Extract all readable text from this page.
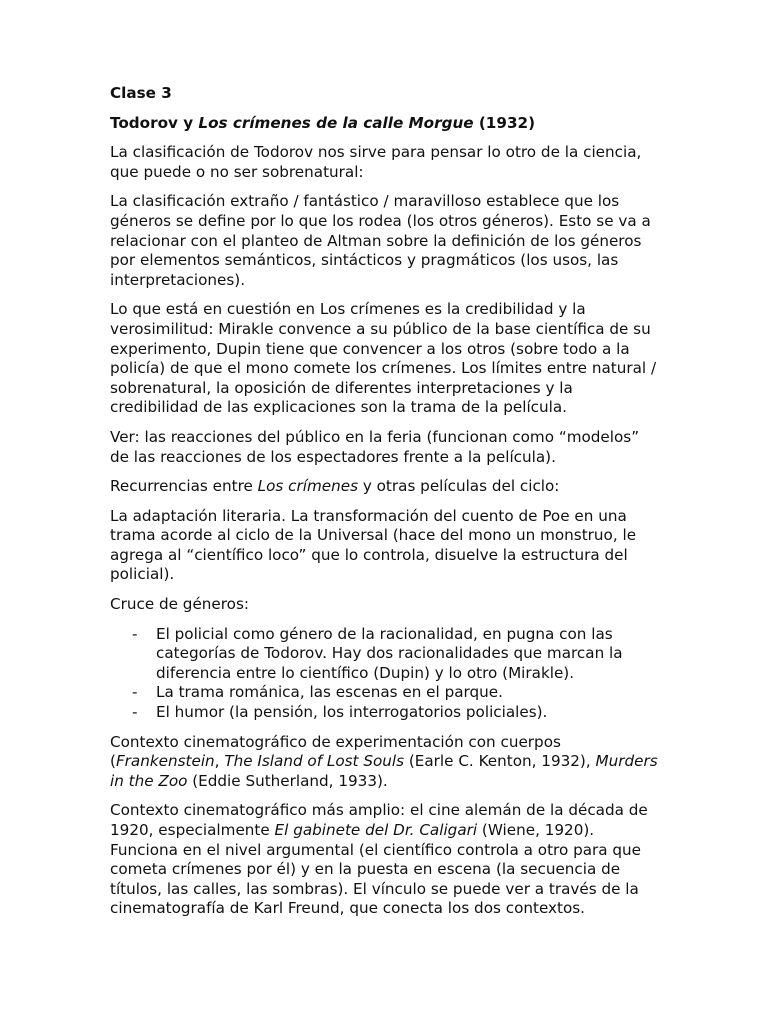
Clase 3

Todorov y Los crímenes de la calle Morgue (1932)

La clasificación de Todorov nos sirve para pensar lo otro de la ciencia, que puede o no ser sobrenatural:

La clasificación extraño / fantástico / maravilloso establece que los géneros se define por lo que los rodea (los otros géneros). Esto se va a relacionar con el planteo de Altman sobre la definición de los géneros por elementos semánticos, sintácticos y pragmáticos (los usos, las interpretaciones).

Lo que está en cuestión en Los crímenes es la credibilidad y la verosimilitud: Mirakle convence a su público de la base científica de su experimento, Dupin tiene que convencer a los otros (sobre todo a la policía) de que el mono comete los crímenes. Los límites entre natural / sobrenatural, la oposición de diferentes interpretaciones y la credibilidad de las explicaciones son la trama de la película.

Ver: las reacciones del público en la feria (funcionan como “modelos” de las reacciones de los espectadores frente a la película).

Recurrencias entre Los crímenes y otras películas del ciclo:

La adaptación literaria. La transformación del cuento de Poe en una trama acorde al ciclo de la Universal (hace del mono un monstruo, le agrega al “científico loco” que lo controla, disuelve la estructura del policial).

Cruce de géneros:

- El policial como género de la racionalidad, en pugna con las categorías de Todorov. Hay dos racionalidades que marcan la diferencia entre lo científico (Dupin) y lo otro (Mirakle).
- La trama románica, las escenas en el parque.
- El humor (la pensión, los interrogatorios policiales).

Contexto cinematográfico de experimentación con cuerpos (Frankenstein, The Island of Lost Souls (Earle C. Kenton, 1932), Murders in the Zoo (Eddie Sutherland, 1933).

Contexto cinematográfico más amplio: el cine alemán de la década de 1920, especialmente El gabinete del Dr. Caligari (Wiene, 1920). Funciona en el nivel argumental (el científico controla a otro para que cometa crímenes por él) y en la puesta en escena (la secuencia de títulos, las calles, las sombras). El vínculo se puede ver a través de la cinematografía de Karl Freund, que conecta los dos contextos.
